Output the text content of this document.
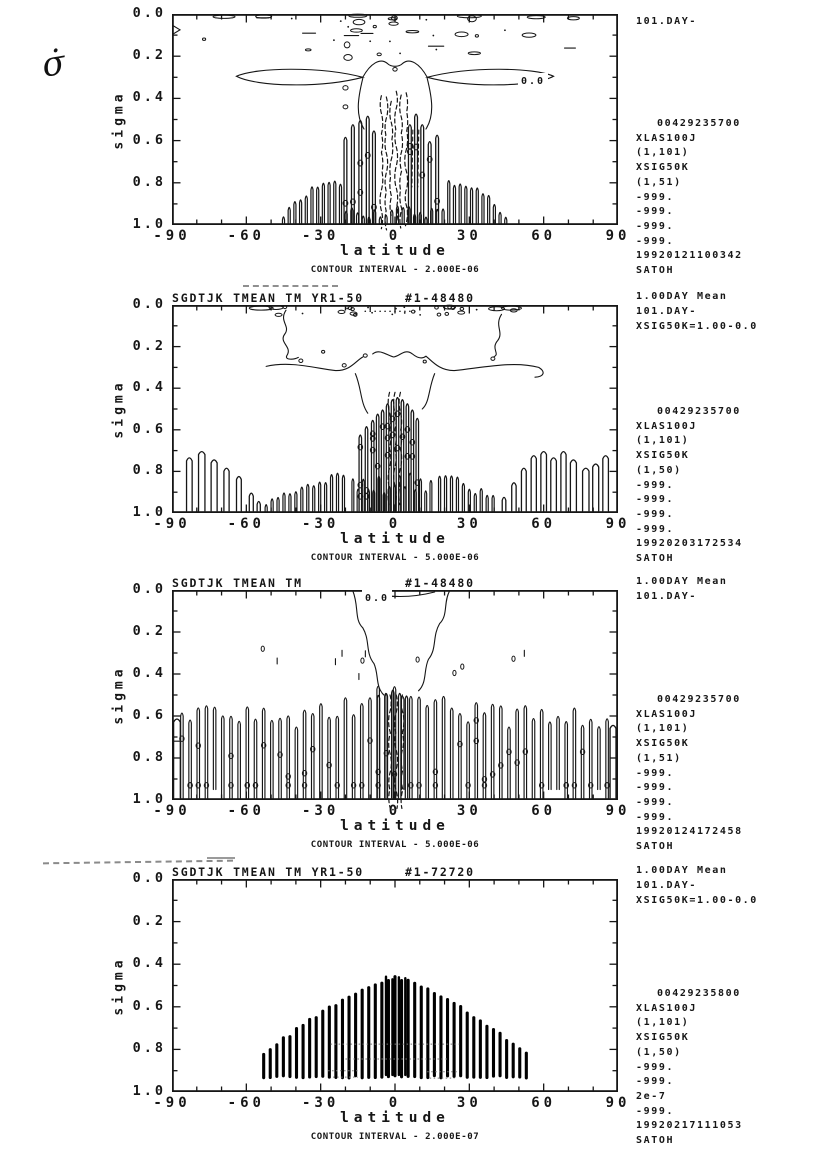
σ̇
0.0
0.2
0.4
0.6
0.8
1.0
sigma
-90	-60	-30	0	30	60	90
latitude
CONTOUR INTERVAL - 2.000E-06
101.DAY-
00429235700
XLAS100J
(1,101)
XSIG50K
(1,51)
-999.
-999.
-999.
-999.
19920121100342
SATOH
0.0
SGDTJK TMEAN TM YR1-50	#1-48480
0.0
0.2
0.4
0.6
0.8
1.0
sigma
-90	-60	-30	0	30	60	90
latitude
CONTOUR INTERVAL - 5.000E-06
1.00DAY Mean
101.DAY-
XSIG50K=1.00-0.0
00429235700
XLAS100J
(1,101)
XSIG50K
(1,50)
-999.
-999.
-999.
-999.
19920203172534
SATOH
SGDTJK TMEAN TM	#1-48480
0.0
0.2
0.4
0.6
0.8
1.0
sigma
-90	-60	-30	0	30	60	90
latitude
CONTOUR INTERVAL - 5.000E-06
1.00DAY Mean
101.DAY-
00429235700
XLAS100J
(1,101)
XSIG50K
(1,51)
-999.
-999.
-999.
-999.
19920124172458
SATOH
0.0
SGDTJK TMEAN TM YR1-50	#1-72720
0.0
0.2
0.4
0.6
0.8
1.0
sigma
-90	-60	-30	0	30	60	90
latitude
CONTOUR INTERVAL - 2.000E-07
1.00DAY Mean
101.DAY-
XSIG50K=1.00-0.0
00429235800
XLAS100J
(1,101)
XSIG50K
(1,50)
-999.
-999.
2e-7
-999.
19920217111053
SATOH
